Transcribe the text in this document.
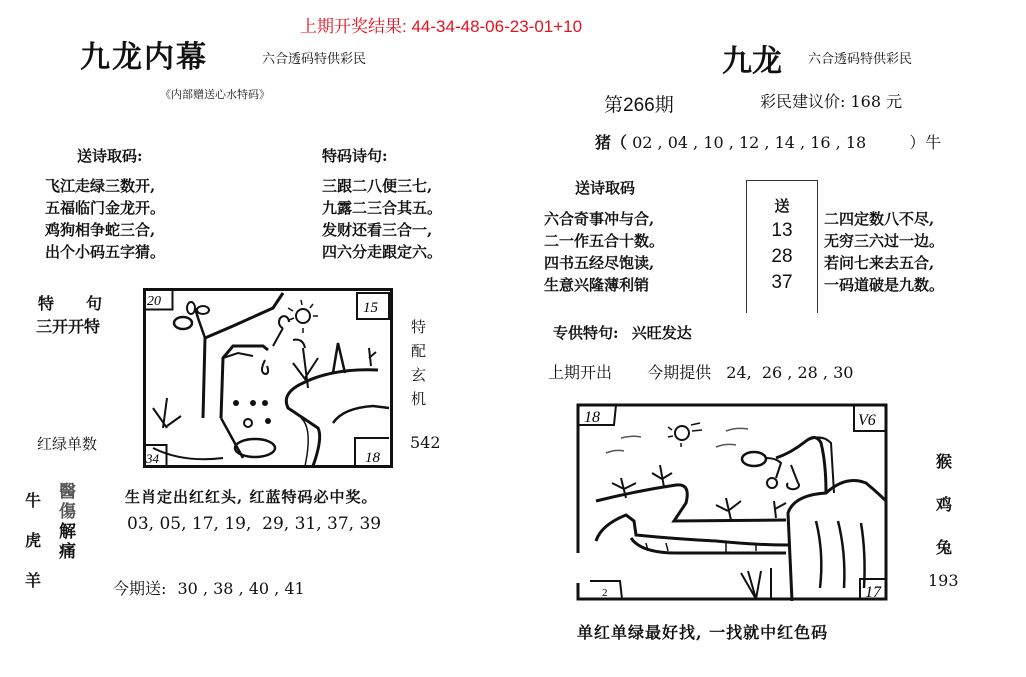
上期开奖结果: 44-34-48-06-23-01+10
九龙内幕	六合透码特供彩民
《内部赠送心水特码》
送诗取码:
飞江走绿三数开,
五福临门金龙开。
鸡狗相争蛇三合,
出个小码五字猜。
特码诗句:
三跟二八便三七,
九露二三合其五。
发财还看三合一,
四六分走跟定六。
特　　句
三开开特
红绿单数
20	15
34	18
特
配
玄
机
542
牛
虎
羊
醫
傷
解
痛
生肖定出红红头, 红蓝特码必中奖。
03, 05, 17, 19,  29, 31, 37, 39
今期送: 30 , 38 , 40 , 41
九龙 六合透码特供彩民
第266期	彩民建议价: 168 元
猪（ 02 , 04 , 10 , 12 , 14 , 16 , 18	）牛
送诗取码
六合奇事冲与合,
二一作五合十数。
四书五经尽饱读,
生意兴隆薄利销
送
13
28
37
二四定数八不尽,
无穷三六过一边。
若问七来去五合,
一码道破是九数。
专供特句: 兴旺发达
上期开出 今期提供 24,  26 , 28 , 30
18	V6
2	17
猴
鸡
兔
193
单红单绿最好找, 一找就中红色码
